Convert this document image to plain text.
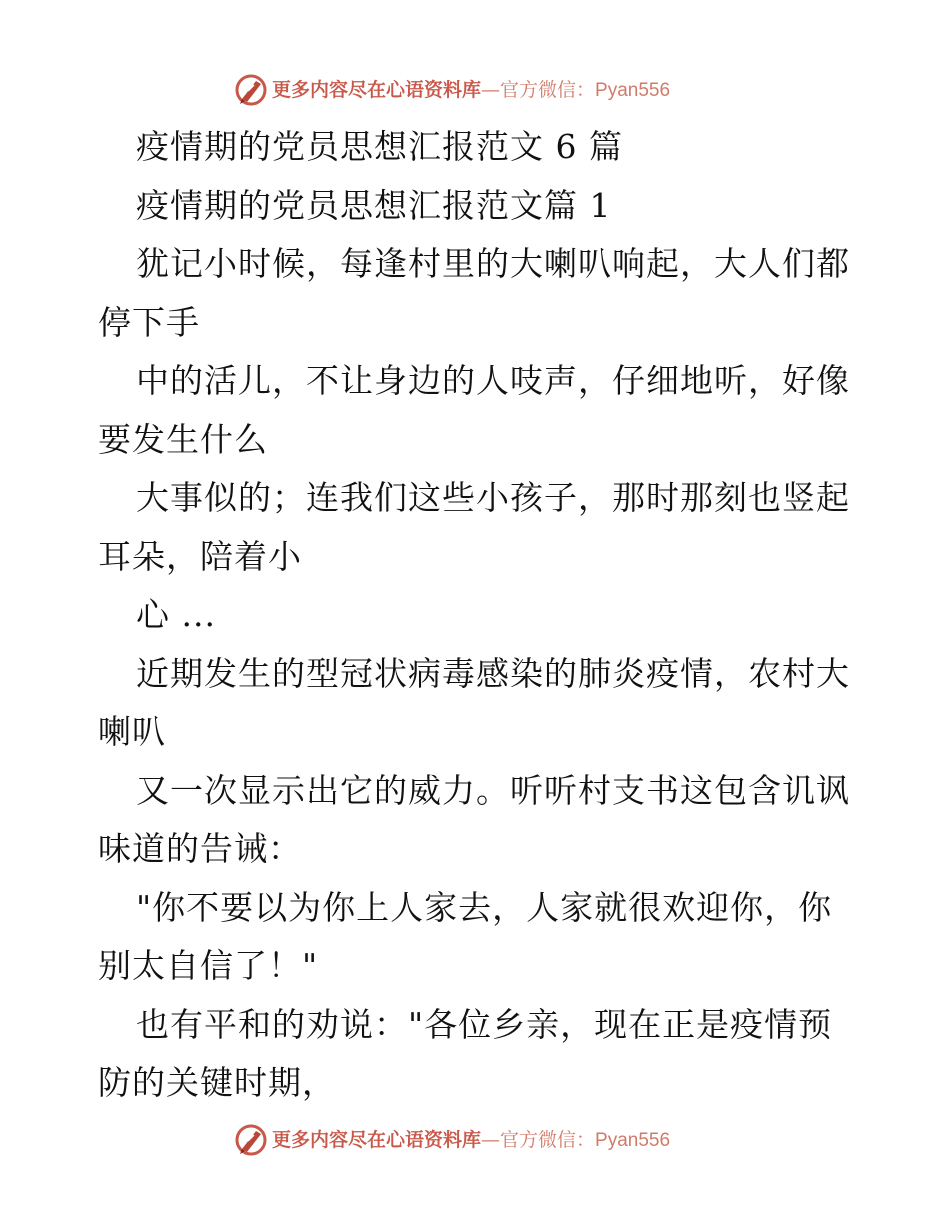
更多内容尽在心语资料库—官方微信：Pyan556
疫情期的党员思想汇报范文 6 篇
疫情期的党员思想汇报范文篇 1
犹记小时候，每逢村里的大喇叭响起，大人们都
停下手
中的活儿，不让身边的人吱声，仔细地听，好像
要发生什么
大事似的；连我们这些小孩子，那时那刻也竖起
耳朵，陪着小
心 ...
近期发生的型冠状病毒感染的肺炎疫情，农村大
喇叭
又一次显示出它的威力。听听村支书这包含讥讽
味道的告诫：
"你不要以为你上人家去，人家就很欢迎你，你
别太自信了！"
也有平和的劝说："各位乡亲，现在正是疫情预
防的关键时期，
更多内容尽在心语资料库—官方微信：Pyan556
